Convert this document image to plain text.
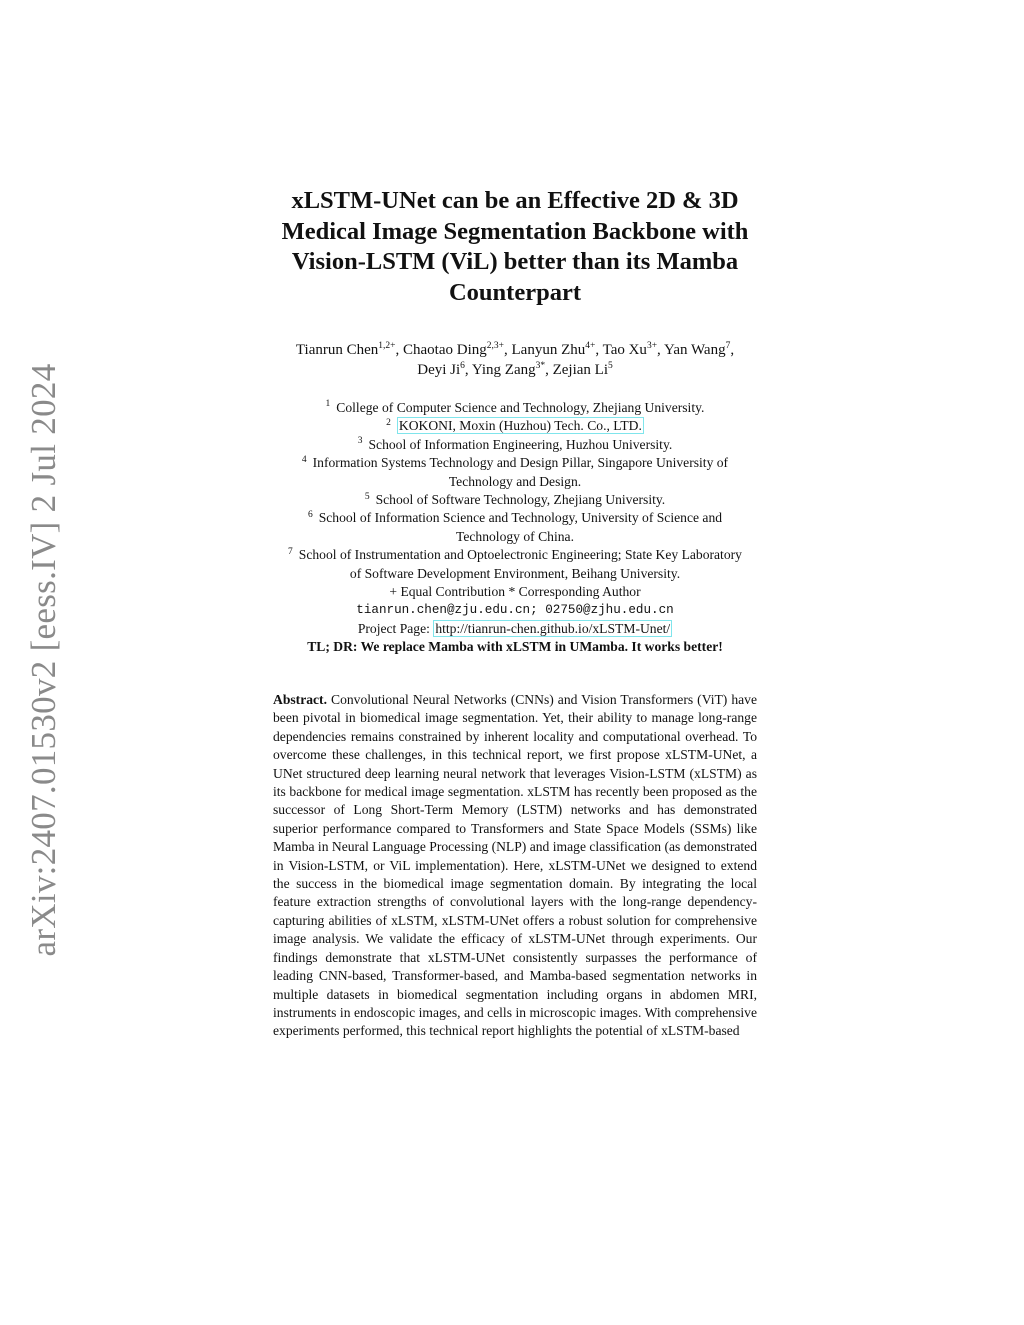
arXiv:2407.01530v2 [eess.IV] 2 Jul 2024
xLSTM-UNet can be an Effective 2D & 3D
Medical Image Segmentation Backbone with
Vision-LSTM (ViL) better than its Mamba
Counterpart
Tianrun Chen$^{1,2+}$, Chaotao Ding$^{2,3+}$, Lanyun Zhu$^{4+}$, Tao $Xu^{3+}$, Yan Wang$^7$,
Deyi Ji$^6$, Ying Zang$^{3*}$, Zejian Li$^5$
$^1$ College of Computer Science and Technology, Zhejiang University.
$^2$ KOKONI, Moxin (Huzhou) Tech. Co., LTD.
$^3$ School of Information Engineering, Huzhou University.
$^4$ Information Systems Technology and Design Pillar, Singapore University of
Technology and Design.
$^5$ School of Software Technology, Zhejiang University.
$^6$ School of Information Science and Technology, University of Science and
Technology of China.
$^7$ School of Instrumentation and Optoelectronic Engineering; State Key Laboratory
of Software Development Environment, Beihang University.
+ Equal Contribution * Corresponding Author
tianrun.chen@zju.edu.cn; 02750@zjhu.edu.cn
Project Page: http://tianrun-chen.github.io/xLSTM-Unet/
TL; DR: We replace Mamba with xLSTM in UMamba. It works better!
Abstract. Convolutional Neural Networks (CNNs) and Vision Transformers (ViT) have been pivotal in biomedical image segmentation. Yet, their ability to manage long-range dependencies remains constrained by inherent locality and computational overhead. To overcome these challenges, in this technical report, we first propose xLSTM-UNet, a UNet structured deep learning neural network that leverages Vision-LSTM (xLSTM) as its backbone for medical image segmentation. xLSTM has recently been proposed as the successor of Long Short-Term Memory (LSTM) networks and has demonstrated superior performance compared to Transformers and State Space Models (SSMs) like Mamba in Neural Language Processing (NLP) and image classification (as demonstrated in Vision-LSTM, or ViL implementation). Here, xLSTM-UNet we designed to extend the success in the biomedical image segmentation domain. By integrating the local feature extraction strengths of convolutional layers with the long-range dependency-capturing abilities of xLSTM, xLSTM-UNet offers a robust solution for comprehensive image analysis. We validate the efficacy of xLSTM-UNet through experiments. Our findings demonstrate that xLSTM-UNet consistently surpasses the performance of leading CNN-based, Transformer-based, and Mamba-based segmentation networks in multiple datasets in biomedical segmentation including organs in abdomen MRI, instruments in endoscopic images, and cells in microscopic images. With comprehensive experiments performed, this technical report highlights the potential of xLSTM-based
